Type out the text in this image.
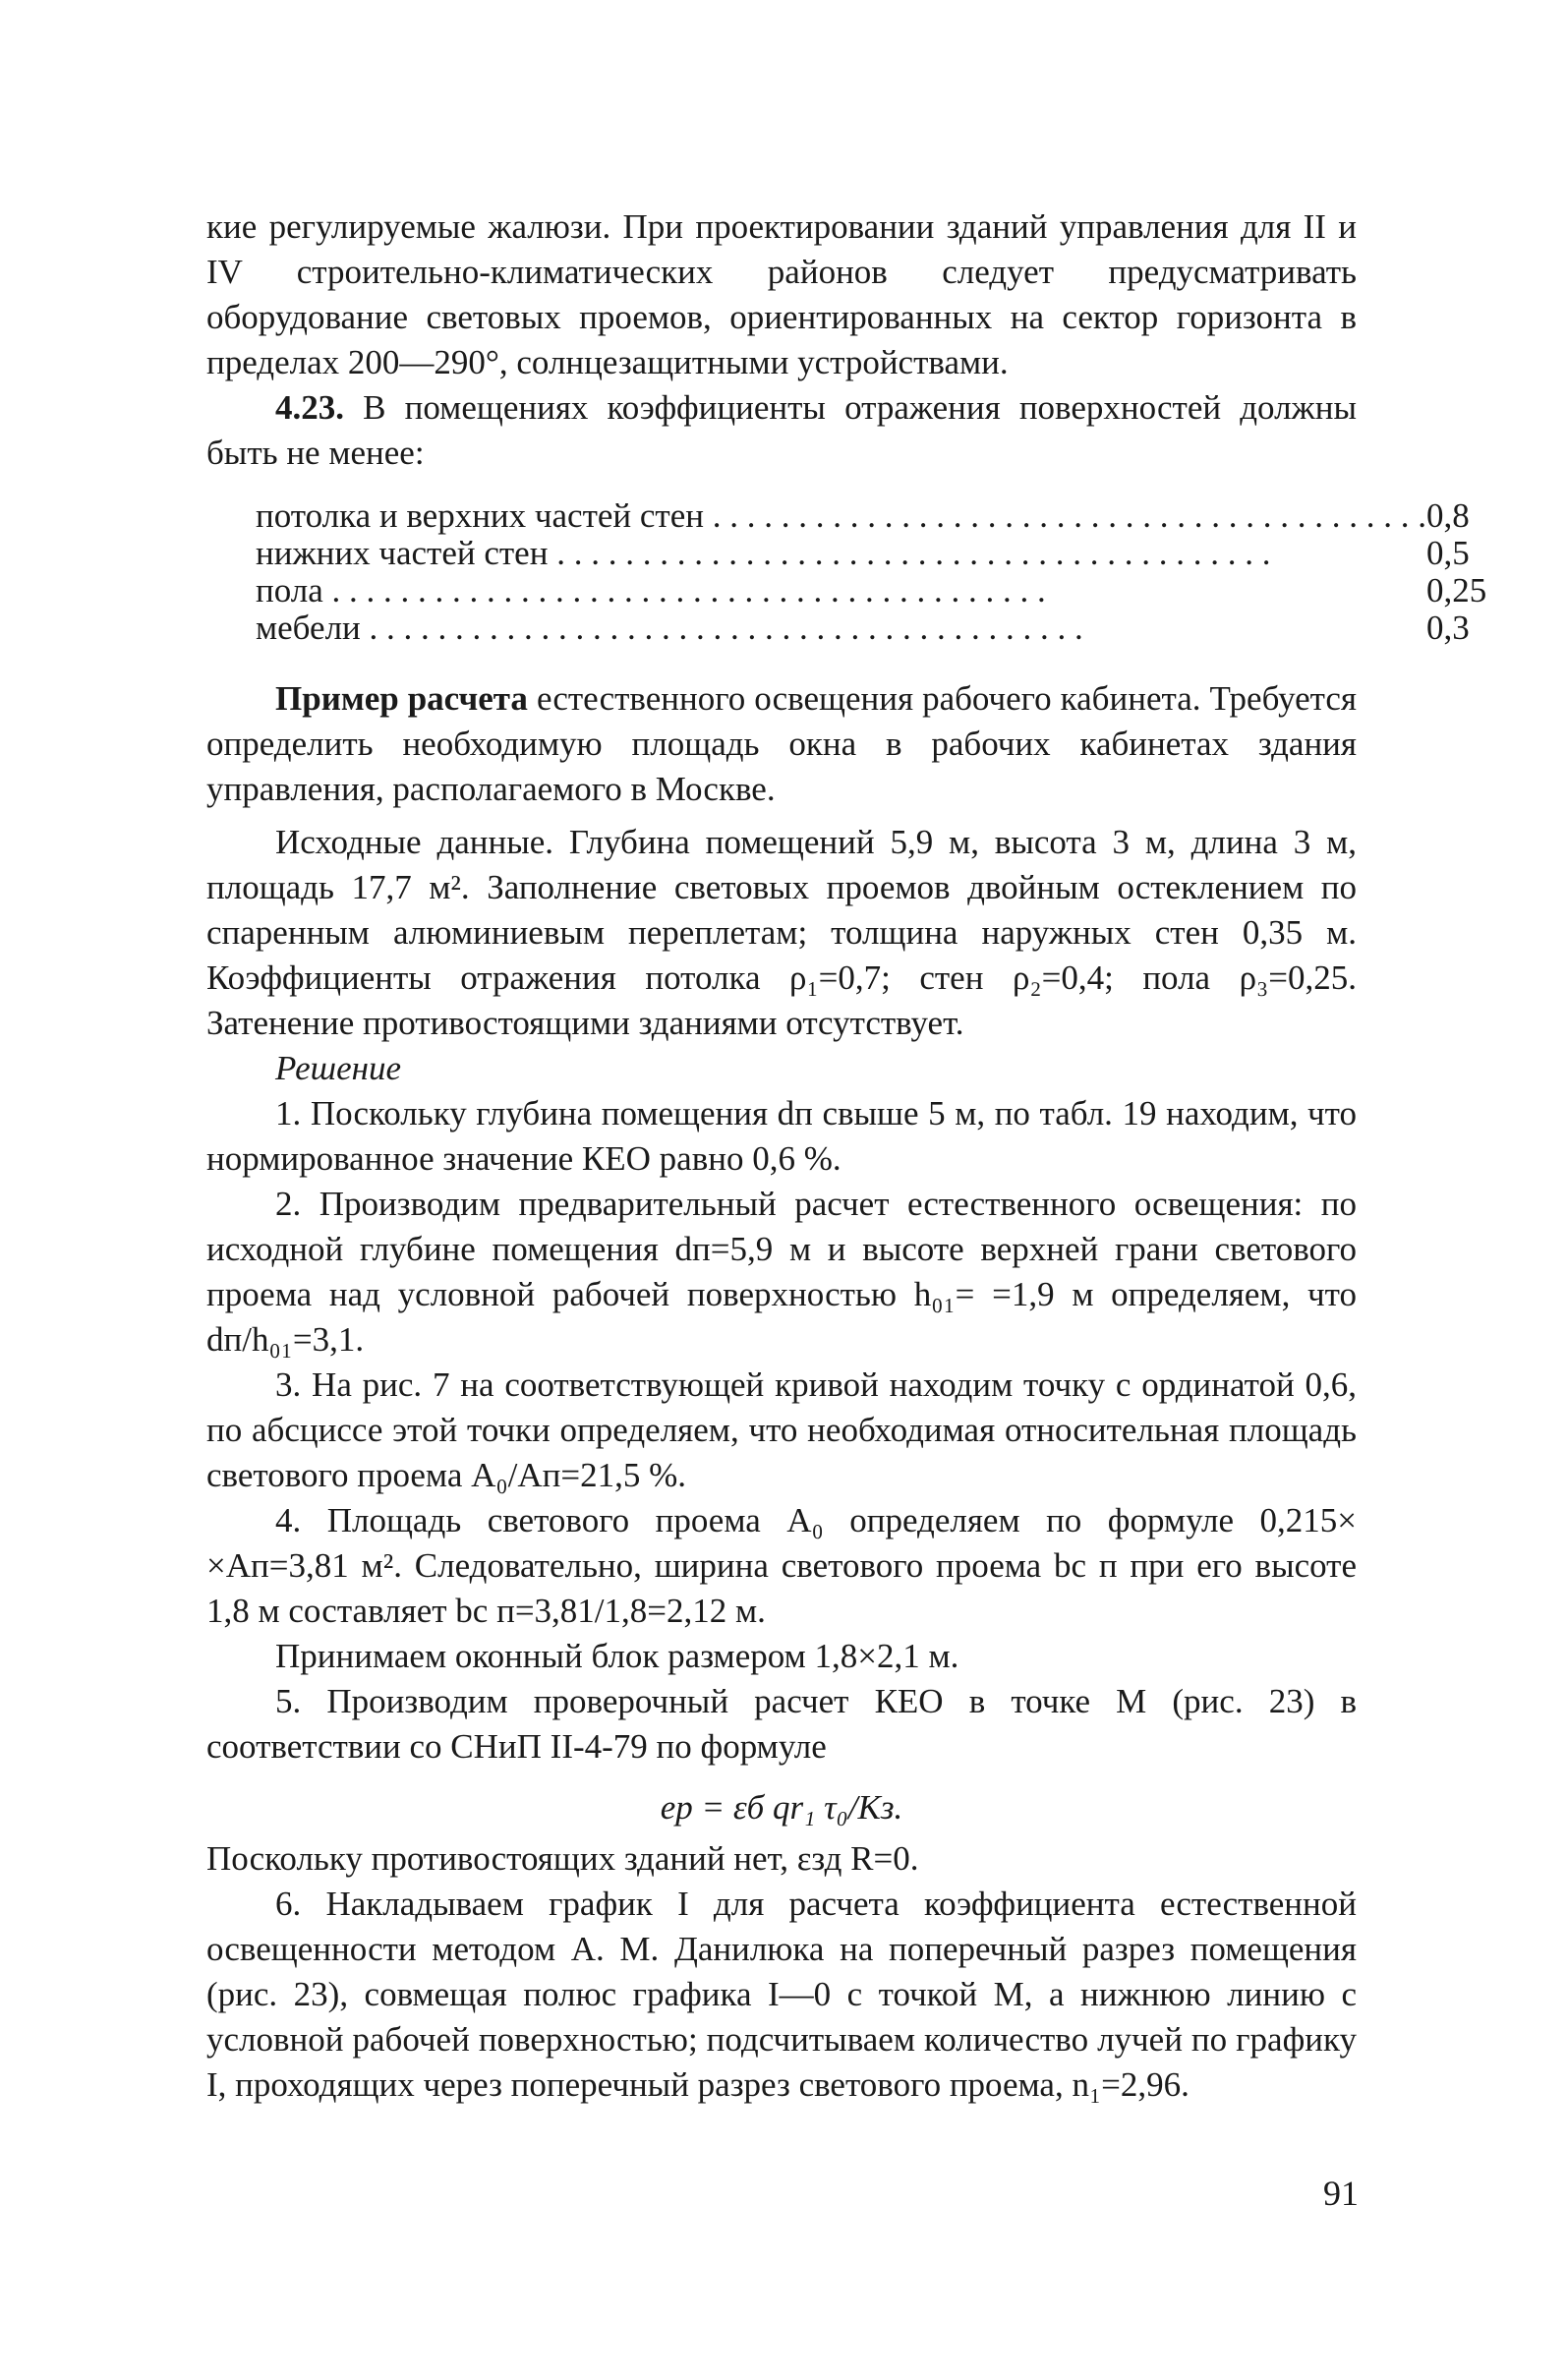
кие регулируемые жалюзи. При проектировании зданий управления для II и IV строительно-климатических районов следует предусматривать оборудование световых проемов, ориентированных на сектор горизонта в пределах 200—290°, солнцезащитными устройствами.

4.23. В помещениях коэффициенты отражения поверхностей должны быть не менее:

потолка и верхних частей стен . . .	0,8
нижних частей стен . . .	0,5
пола . . .	0,25
мебели . . .	0,3

Пример расчета естественного освещения рабочего кабинета. Требуется определить необходимую площадь окна в рабочих кабинетах здания управления, располагаемого в Москве.

Исходные данные. Глубина помещений 5,9 м, высота 3 м, длина 3 м, площадь 17,7 м². Заполнение световых проемов двойным остеклением по спаренным алюминиевым переплетам; толщина наружных стен 0,35 м. Коэффициенты отражения потолка ρ₁=0,7; стен ρ₂=0,4; пола ρ₃=0,25. Затенение противостоящими зданиями отсутствует.

Решение

1. Поскольку глубина помещения dп свыше 5 м, по табл. 19 находим, что нормированное значение КЕО равно 0,6 %.

2. Производим предварительный расчет естественного освещения: по исходной глубине помещения dп=5,9 м и высоте верхней грани светового проема над условной рабочей поверхностью h₀₁= =1,9 м определяем, что dп/h₀₁=3,1.

3. На рис. 7 на соответствующей кривой находим точку с ординатой 0,6, по абсциссе этой точки определяем, что необходимая относительная площадь светового проема A₀/Aп=21,5 %.

4. Площадь светового проема A₀ определяем по формуле 0,215× ×Aп=3,81 м². Следовательно, ширина светового проема bс п при его высоте 1,8 м составляет bс п=3,81/1,8=2,12 м.

Принимаем оконный блок размером 1,8×2,1 м.

5. Производим проверочный расчет КЕО в точке M (рис. 23) в соответствии со СНиП II-4-79 по формуле

eр = εб qr₁ τ₀/Kз.

Поскольку противостоящих зданий нет, εзд R=0.

6. Накладываем график I для расчета коэффициента естественной освещенности методом А. М. Данилюка на поперечный разрез помещения (рис. 23), совмещая полюс графика I—0 с точкой M, а нижнюю линию с условной рабочей поверхностью; подсчитываем количество лучей по графику I, проходящих через поперечный разрез светового проема, n₁=2,96.

91
